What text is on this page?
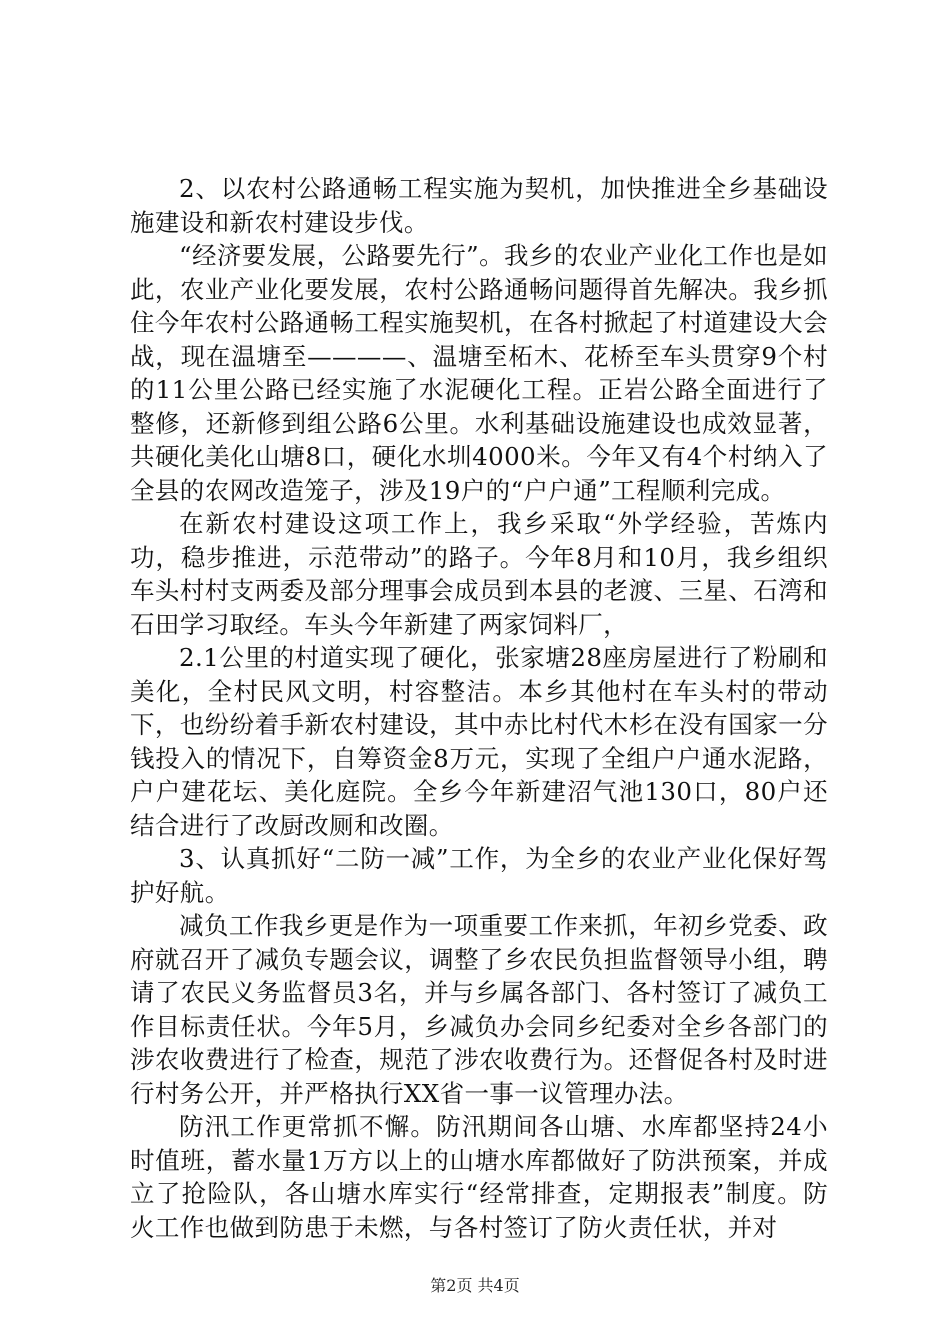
2、以农村公路通畅工程实施为契机，加快推进全乡基础设施建设和新农村建设步伐。

“经济要发展，公路要先行”。我乡的农业产业化工作也是如此，农业产业化要发展，农村公路通畅问题得首先解决。我乡抓住今年农村公路通畅工程实施契机，在各村掀起了村道建设大会战，现在温塘至————、温塘至柘木、花桥至车头贯穿9个村的11公里公路已经实施了水泥硬化工程。正岩公路全面进行了整修，还新修到组公路6公里。水利基础设施建设也成效显著，共硬化美化山塘8口，硬化水圳4000米。今年又有4个村纳入了全县的农网改造笼子，涉及19户的“户户通”工程顺利完成。

在新农村建设这项工作上，我乡采取“外学经验，苦炼内功，稳步推进，示范带动”的路子。今年8月和10月，我乡组织车头村村支两委及部分理事会成员到本县的老渡、三星、石湾和石田学习取经。车头今年新建了两家饲料厂，

2.1公里的村道实现了硬化，张家塘28座房屋进行了粉刷和美化，全村民风文明，村容整洁。本乡其他村在车头村的带动下，也纷纷着手新农村建设，其中赤比村代木杉在没有国家一分钱投入的情况下，自筹资金8万元，实现了全组户户通水泥路，户户建花坛、美化庭院。全乡今年新建沼气池130口，80户还结合进行了改厨改厕和改圈。

3、认真抓好“二防一减”工作，为全乡的农业产业化保好驾护好航。

减负工作我乡更是作为一项重要工作来抓，年初乡党委、政府就召开了减负专题会议，调整了乡农民负担监督领导小组，聘请了农民义务监督员3名，并与乡属各部门、各村签订了减负工作目标责任状。今年5月，乡减负办会同乡纪委对全乡各部门的涉农收费进行了检查，规范了涉农收费行为。还督促各村及时进行村务公开，并严格执行XX省一事一议管理办法。

防汛工作更常抓不懈。防汛期间各山塘、水库都坚持24小时值班，蓄水量1万方以上的山塘水库都做好了防洪预案，并成立了抢险队，各山塘水库实行“经常排查，定期报表”制度。防火工作也做到防患于未燃，与各村签订了防火责任状，并对

第2页 共4页
